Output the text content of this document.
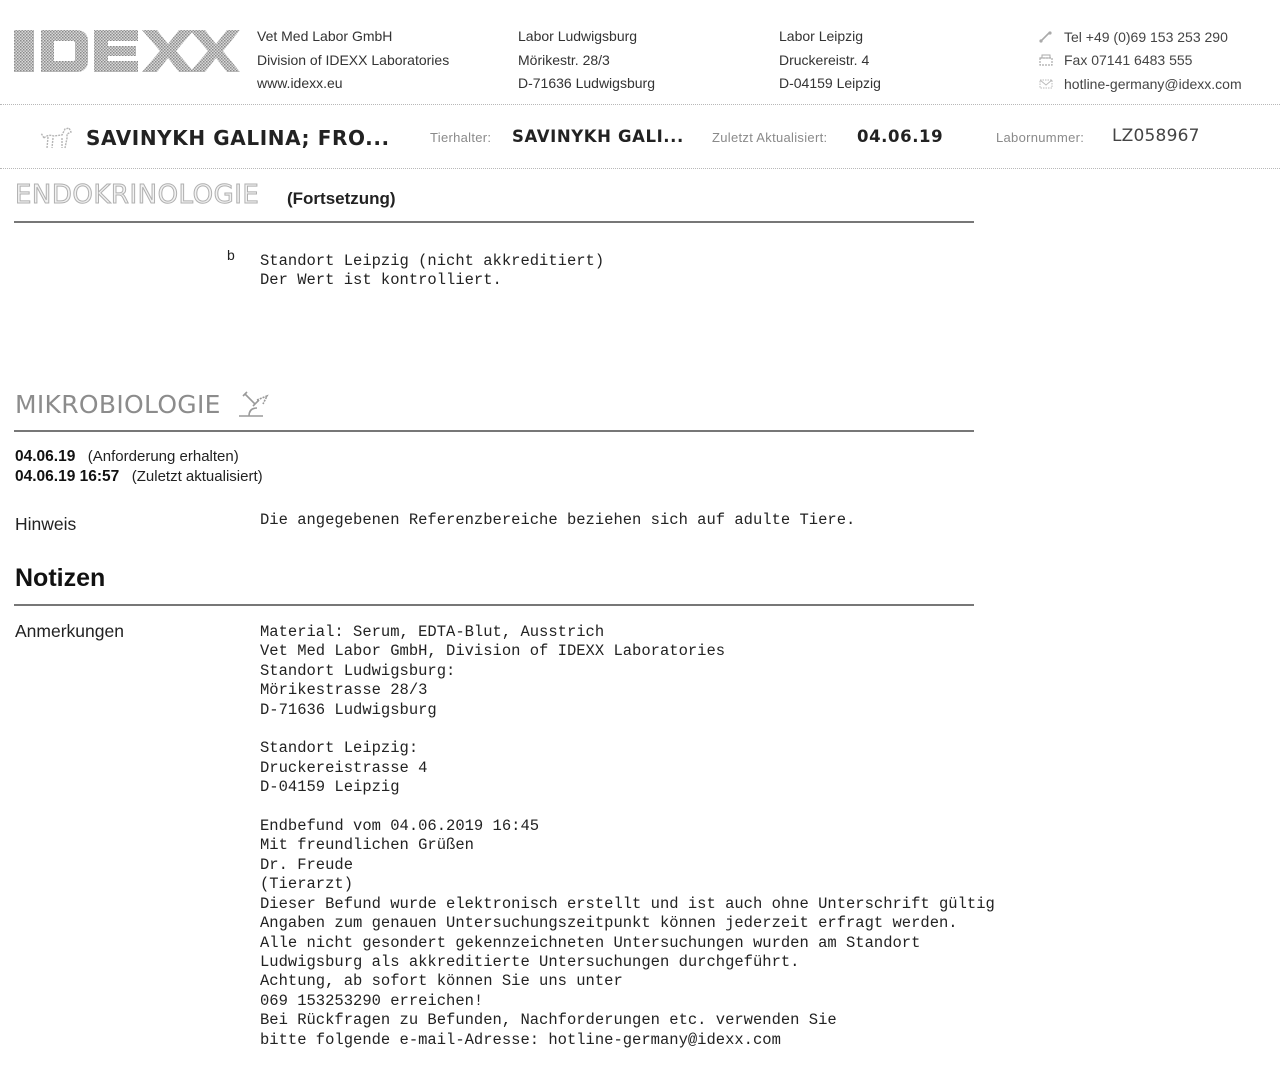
Vet Med Labor GmbH
Division of IDEXX Laboratories
www.idexx.eu
Labor Ludwigsburg
Mörikestr. 28/3
D-71636 Ludwigsburg
Labor Leipzig
Druckereistr. 4
D-04159 Leipzig
Tel +49 (0)69 153 253 290
Fax 07141 6483 555
hotline-germany@idexx.com
SAVINYKH GALINA; FRO...	Tierhalter: SAVINYKH GALI... Zuletzt Aktualisiert: 04.06.19	Labornummer: LZ058967
ENDOKRINOLOGIE (Fortsetzung)
b Standort Leipzig (nicht akkreditiert)
Der Wert ist kontrolliert.
MIKROBIOLOGIE
04.06.19 (Anforderung erhalten)
04.06.19 16:57 (Zuletzt aktualisiert)
Hinweis	Die angegebenen Referenzbereiche beziehen sich auf adulte Tiere.
Notizen
Anmerkungen	Material: Serum, EDTA-Blut, Ausstrich
Vet Med Labor GmbH, Division of IDEXX Laboratories
Standort Ludwigsburg:
Mörikestrasse 28/3
D-71636 Ludwigsburg

Standort Leipzig:
Druckereistrasse 4
D-04159 Leipzig

Endbefund vom 04.06.2019 16:45
Mit freundlichen Grüßen
Dr. Freude
(Tierarzt)
Dieser Befund wurde elektronisch erstellt und ist auch ohne Unterschrift gültig
Angaben zum genauen Untersuchungszeitpunkt können jederzeit erfragt werden.
Alle nicht gesondert gekennzeichneten Untersuchungen wurden am Standort
Ludwigsburg als akkreditierte Untersuchungen durchgeführt.
Achtung, ab sofort können Sie uns unter
069 153253290 erreichen!
Bei Rückfragen zu Befunden, Nachforderungen etc. verwenden Sie
bitte folgende e-mail-Adresse: hotline-germany@idexx.com
